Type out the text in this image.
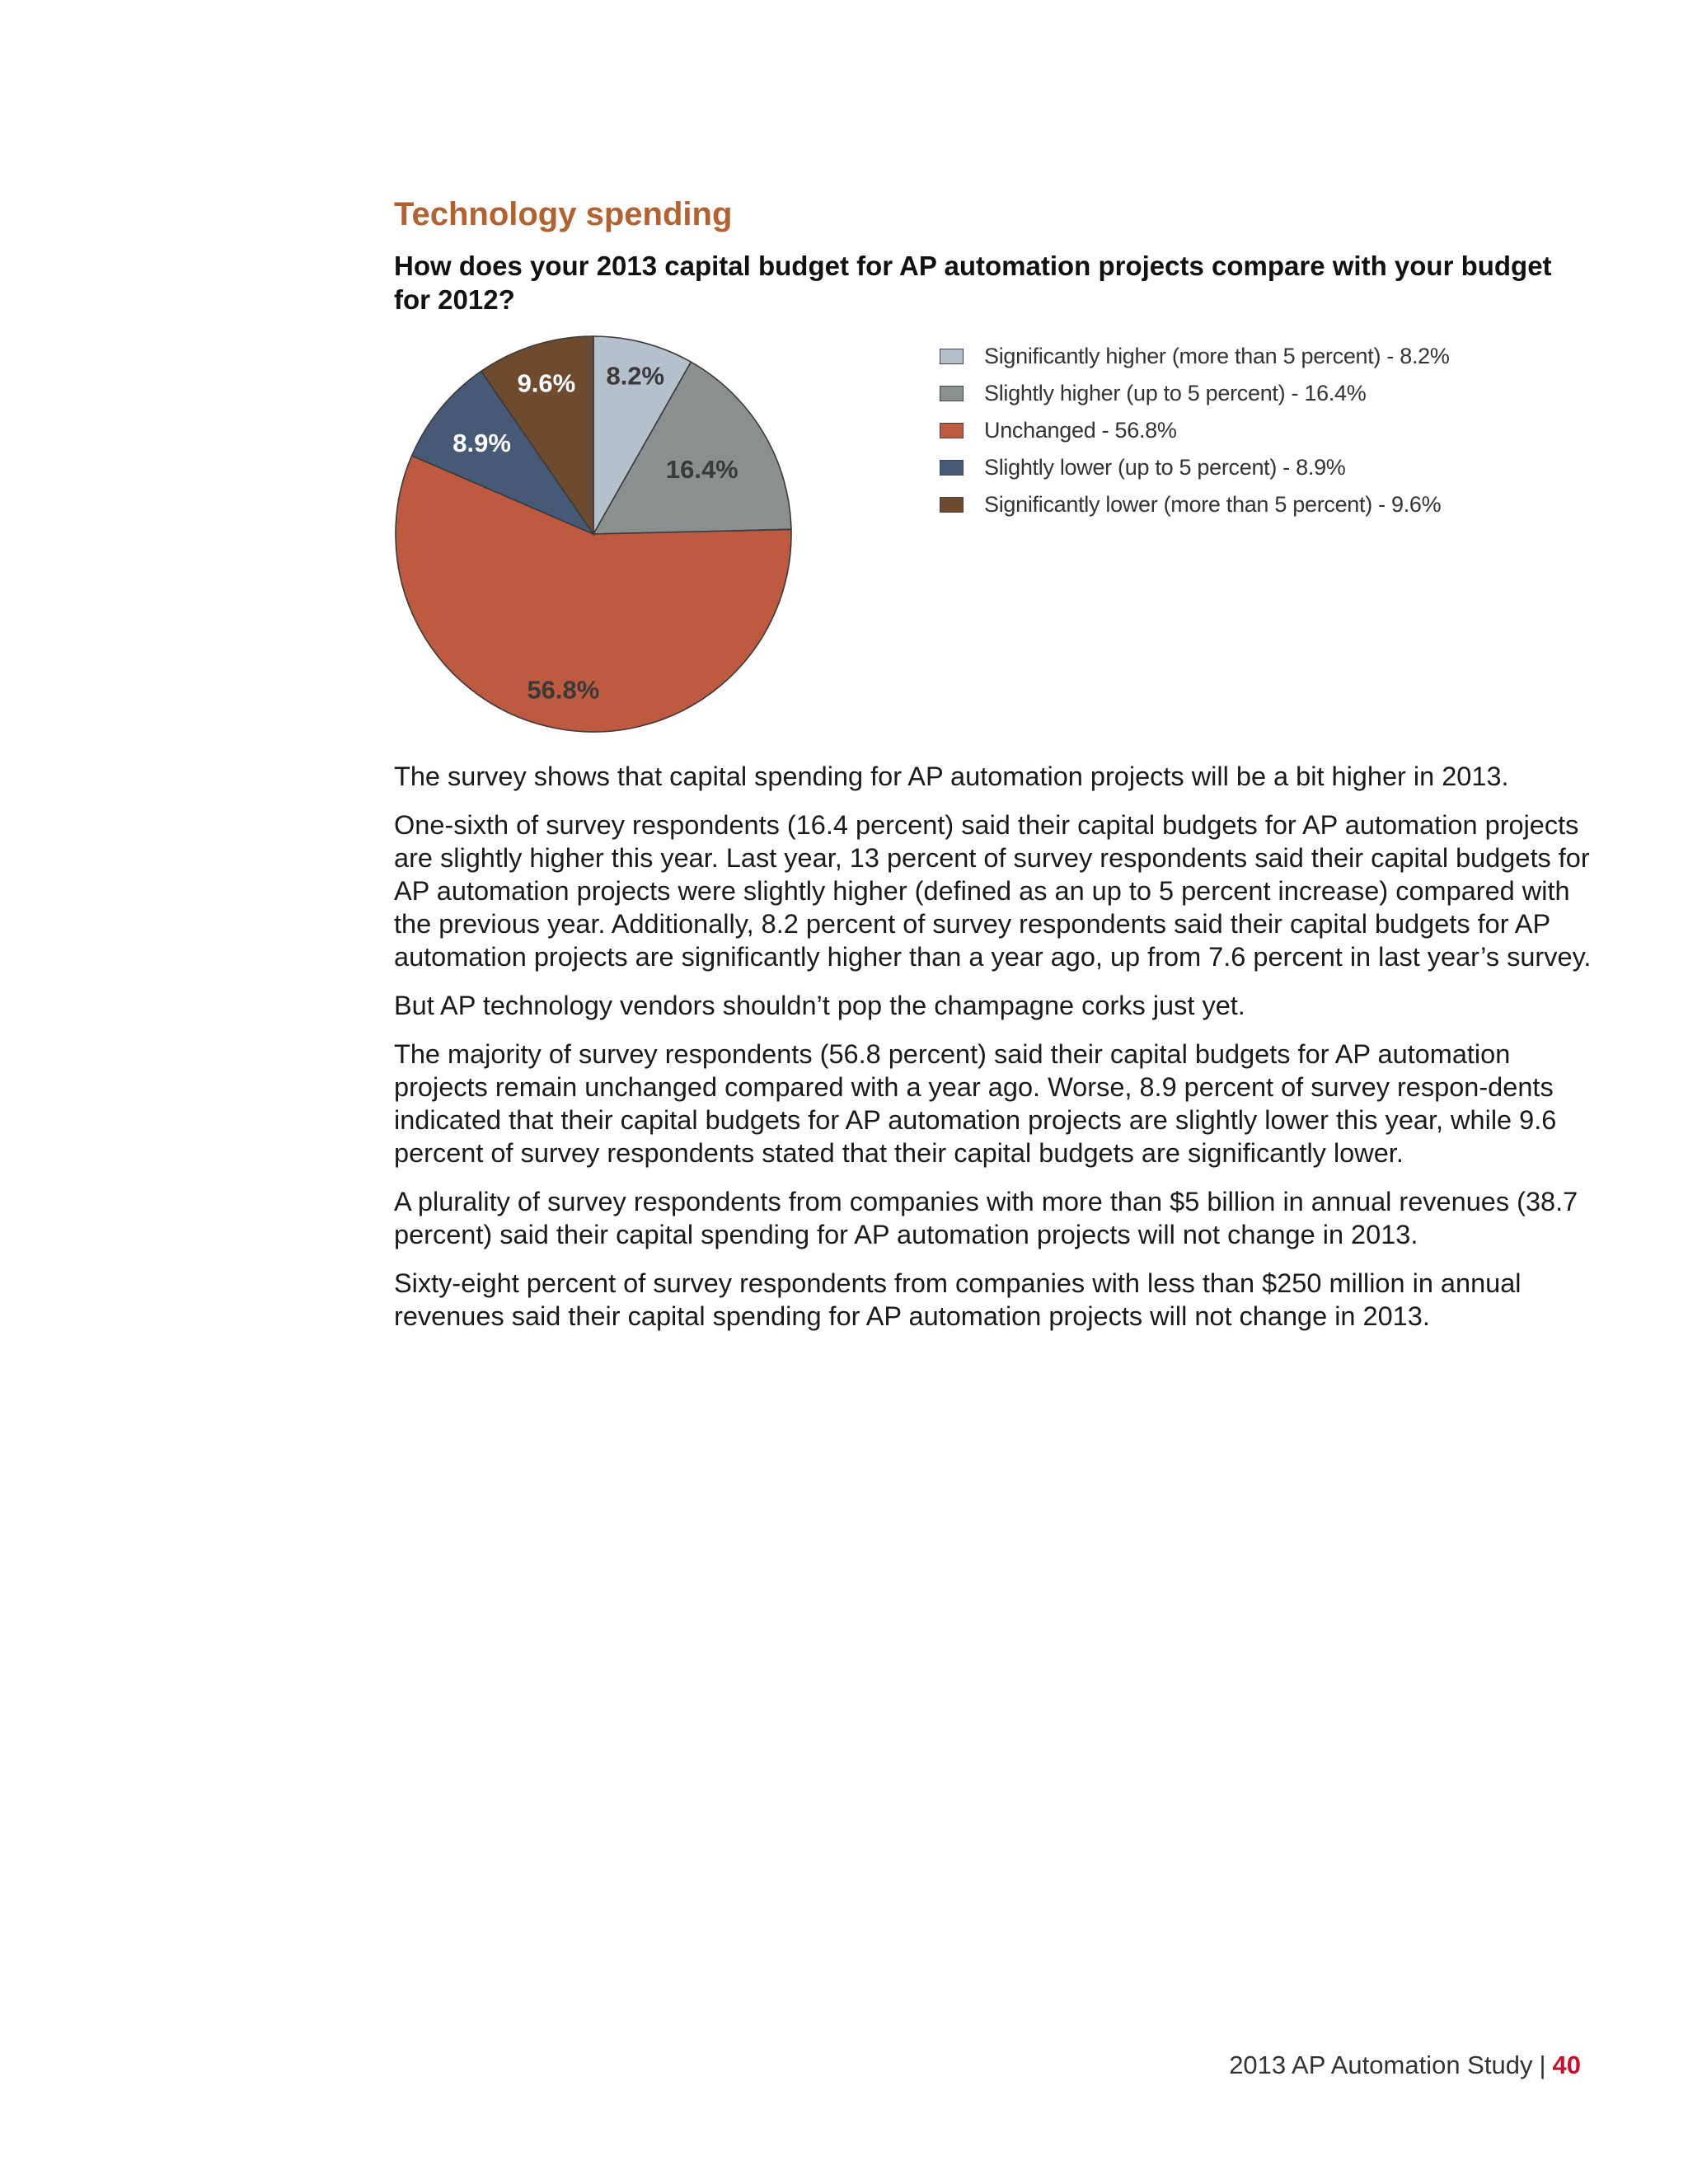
Technology spending
How does your 2013 capital budget for AP automation projects compare with your budget for 2012?
8.2%
16.4%
56.8%
8.9%
9.6%
Significantly higher (more than 5 percent) - 8.2%
Slightly higher (up to 5 percent) - 16.4%
Unchanged - 56.8%
Slightly lower (up to 5 percent) - 8.9%
Significantly lower (more than 5 percent) - 9.6%

The survey shows that capital spending for AP automation projects will be a bit higher in 2013.

One-sixth of survey respondents (16.4 percent) said their capital budgets for AP automation projects are slightly higher this year. Last year, 13 percent of survey respondents said their capital budgets for AP automation projects were slightly higher (defined as an up to 5 percent increase) compared with the previous year. Additionally, 8.2 percent of survey respondents said their capital budgets for AP automation projects are significantly higher than a year ago, up from 7.6 percent in last year’s survey.

But AP technology vendors shouldn’t pop the champagne corks just yet.

The majority of survey respondents (56.8 percent) said their capital budgets for AP automation projects remain unchanged compared with a year ago. Worse, 8.9 percent of survey respon-dents indicated that their capital budgets for AP automation projects are slightly lower this year, while 9.6 percent of survey respondents stated that their capital budgets are significantly lower.

A plurality of survey respondents from companies with more than $5 billion in annual revenues (38.7 percent) said their capital spending for AP automation projects will not change in 2013.

Sixty-eight percent of survey respondents from companies with less than $250 million in annual revenues said their capital spending for AP automation projects will not change in 2013.

2013 AP Automation Study | 40
